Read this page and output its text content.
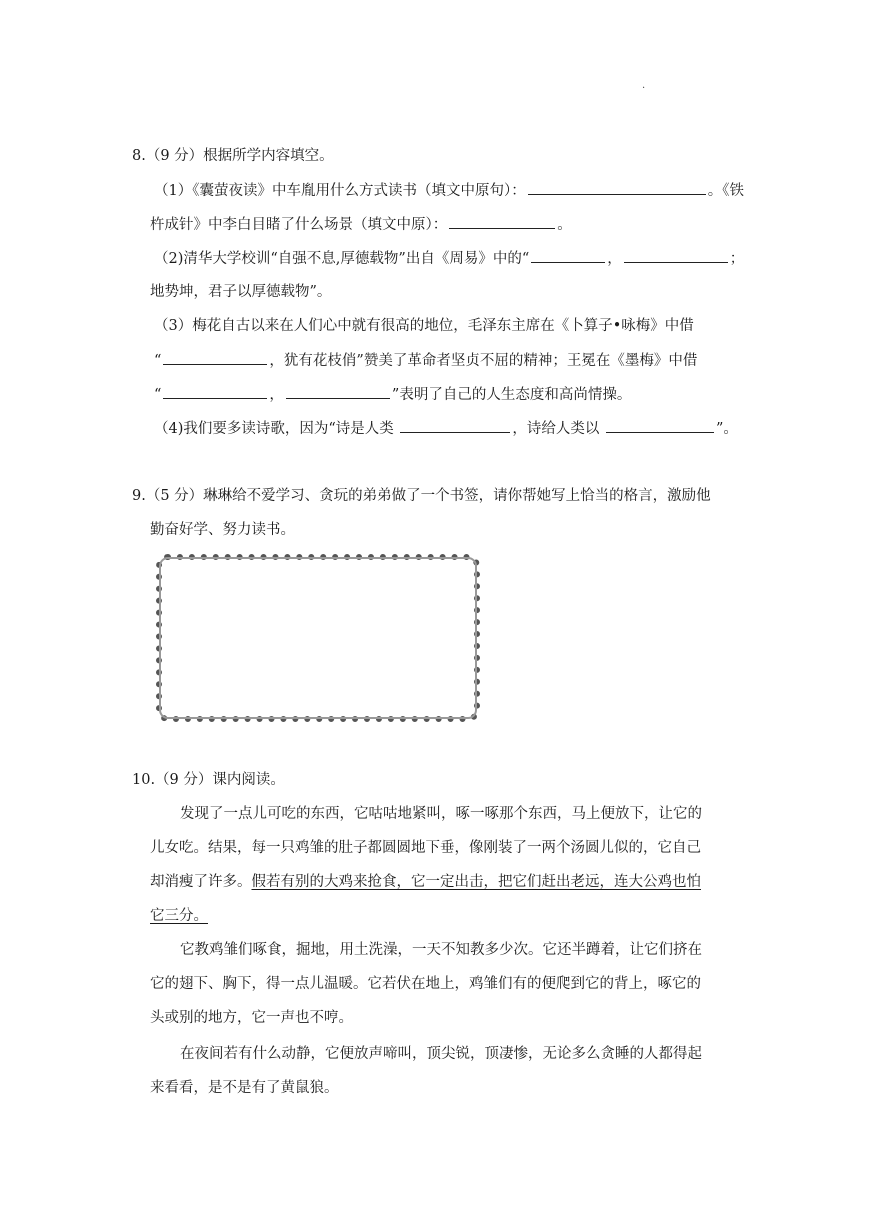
.
8.（9 分）根据所学内容填空。
（1）《囊萤夜读》中车胤用什么方式读书（填文中原句）：	。《铁
杵成针》中李白目睹了什么场景（填文中原）：	。
（2)清华大学校训“自强不息,厚德载物”出自《周易》中的“	，	；
地势坤，君子以厚德载物”。
（3）梅花自古以来在人们心中就有很高的地位，毛泽东主席在《卜算子•咏梅》中借
“	，犹有花枝俏”赞美了革命者坚贞不屈的精神；王冕在《墨梅》中借
“	，	”表明了自己的人生态度和高尚情操。
（4)我们要多读诗歌，因为“诗是人类	，诗给人类以	”。
9.（5 分）琳琳给不爱学习、贪玩的弟弟做了一个书签，请你帮她写上恰当的格言，激励他
勤奋好学、努力读书。
10.（9 分）课内阅读。
发现了一点儿可吃的东西，它咕咕地紧叫，啄一啄那个东西，马上便放下，让它的
儿女吃。结果，每一只鸡雏的肚子都圆圆地下垂，像刚装了一两个汤圆儿似的，它自己
却消瘦了许多。假若有别的大鸡来抢食，它一定出击，把它们赶出老远，连大公鸡也怕
它三分。
它教鸡雏们啄食，掘地，用土洗澡，一天不知教多少次。它还半蹲着，让它们挤在
它的翅下、胸下，得一点儿温暖。它若伏在地上，鸡雏们有的便爬到它的背上，啄它的
头或别的地方，它一声也不哼。
在夜间若有什么动静，它便放声啼叫，顶尖锐，顶凄惨，无论多么贪睡的人都得起
来看看，是不是有了黄鼠狼。
